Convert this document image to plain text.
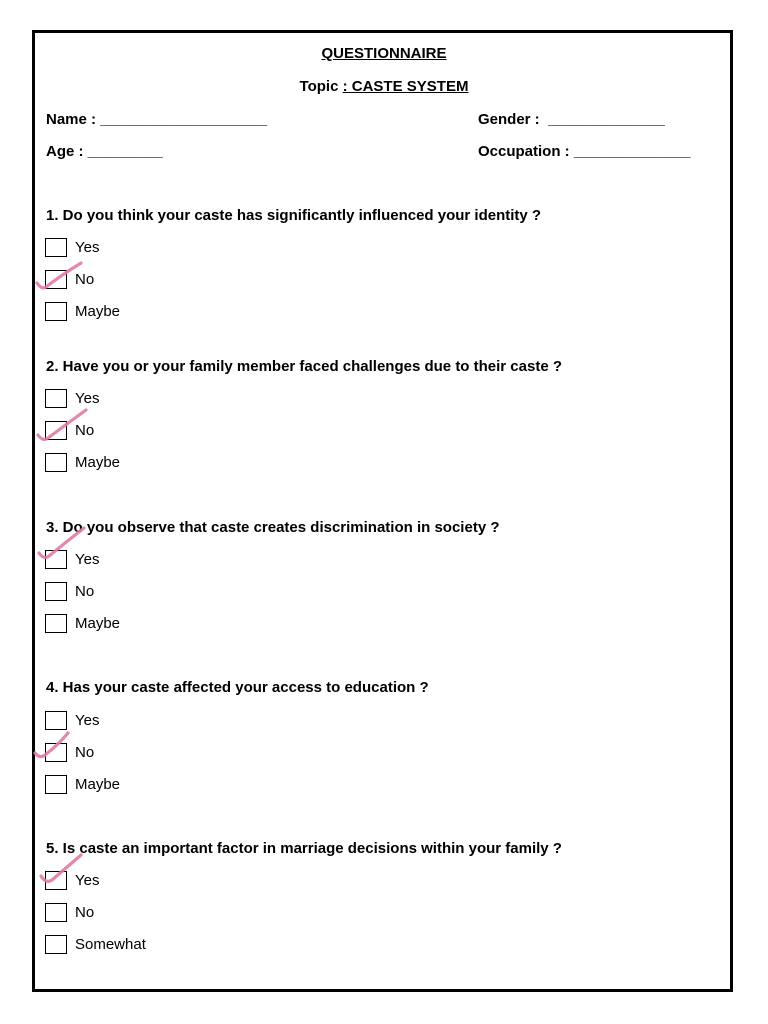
QUESTIONNAIRE
Topic : CASTE SYSTEM
Name : ____________________	Gender :  ______________
Age : _________	Occupation : ______________
1. Do you think your caste has significantly influenced your identity ?
Yes
No
Maybe
2. Have you or your family member faced challenges due to their caste ?
Yes
No
Maybe
3. Do you observe that caste creates discrimination in society ?
Yes
No
Maybe
4. Has your caste affected your access to education ?
Yes
No
Maybe
5. Is caste an important factor in marriage decisions within your family ?
Yes
No
Somewhat
